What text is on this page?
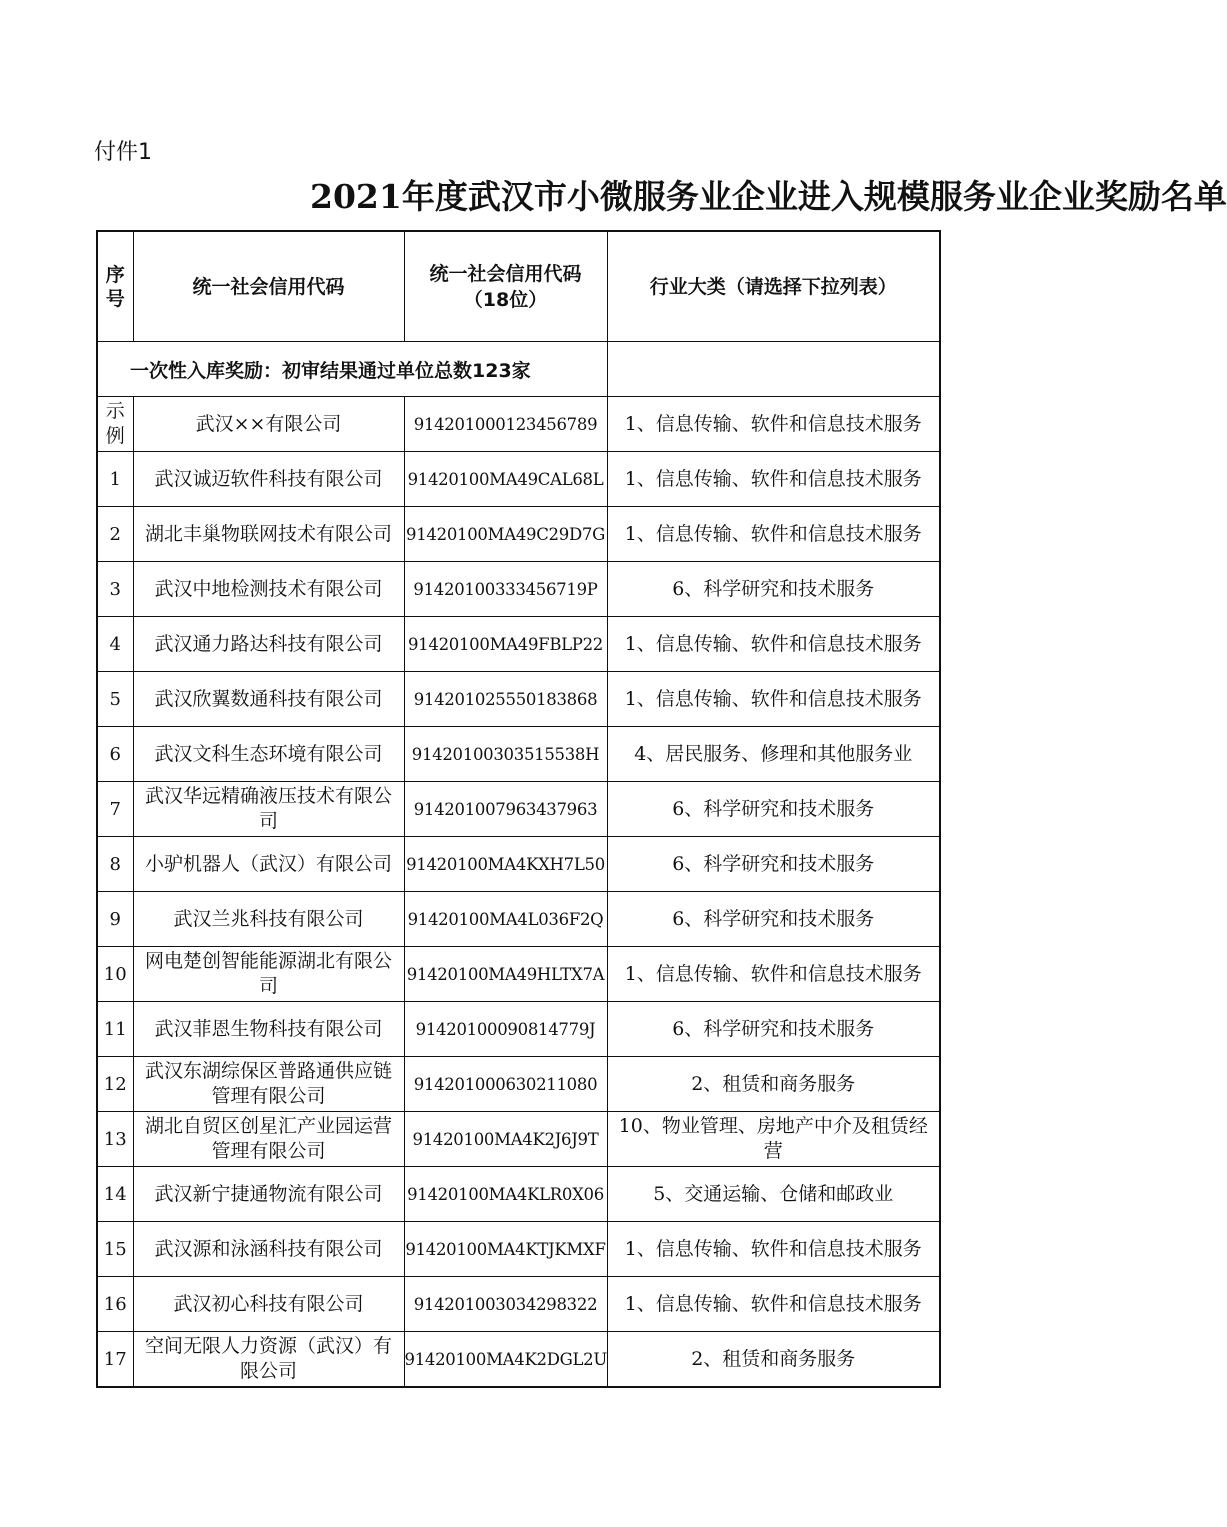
付件1
2021年度武汉市小微服务业企业进入规模服务业企业奖励名单
序号	统一社会信用代码	统一社会信用代码（18位）	行业大类（请选择下拉列表）
一次性入库奖励：初审结果通过单位总数123家			
示例	武汉××有限公司	914201000123456789	1、信息传输、软件和信息技术服务
1	武汉诚迈软件科技有限公司	91420100MA49CAL68L	1、信息传输、软件和信息技术服务
2	湖北丰巢物联网技术有限公司	91420100MA49C29D7G	1、信息传输、软件和信息技术服务
3	武汉中地检测技术有限公司	91420100333456719P	6、科学研究和技术服务
4	武汉通力路达科技有限公司	91420100MA49FBLP22	1、信息传输、软件和信息技术服务
5	武汉欣翼数通科技有限公司	914201025550183868	1、信息传输、软件和信息技术服务
6	武汉文科生态环境有限公司	91420100303515538H	4、居民服务、修理和其他服务业
7	武汉华远精确液压技术有限公司	914201007963437963	6、科学研究和技术服务
8	小驴机器人（武汉）有限公司	91420100MA4KXH7L50	6、科学研究和技术服务
9	武汉兰兆科技有限公司	91420100MA4L036F2Q	6、科学研究和技术服务
10	网电楚创智能能源湖北有限公司	91420100MA49HLTX7A	1、信息传输、软件和信息技术服务
11	武汉菲恩生物科技有限公司	91420100090814779J	6、科学研究和技术服务
12	武汉东湖综保区普路通供应链管理有限公司	914201000630211080	2、租赁和商务服务
13	湖北自贸区创星汇产业园运营管理有限公司	91420100MA4K2J6J9T	10、物业管理、房地产中介及租赁经营
14	武汉新宁捷通物流有限公司	91420100MA4KLR0X06	5、交通运输、仓储和邮政业
15	武汉源和泳涵科技有限公司	91420100MA4KTJKMXF	1、信息传输、软件和信息技术服务
16	武汉初心科技有限公司	914201003034298322	1、信息传输、软件和信息技术服务
17	空间无限人力资源（武汉）有限公司	91420100MA4K2DGL2U	2、租赁和商务服务
